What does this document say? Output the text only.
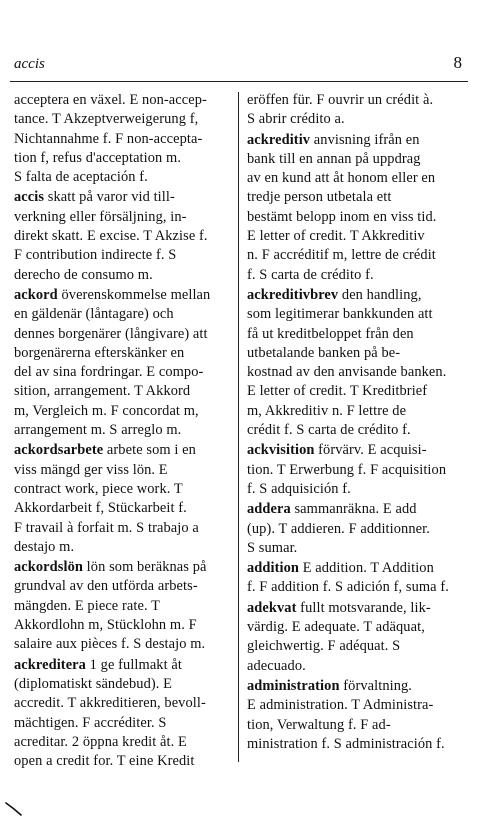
accis	8
acceptera en växel. E non-accep-
tance. T Akzeptverweigerung f,
Nichtannahme f. F non-accepta-
tion f, refus d'acceptation m.
S falta de aceptación f.
accis skatt på varor vid till-
verkning eller försäljning, in-
direkt skatt. E excise. T Akzise f.
F contribution indirecte f. S
derecho de consumo m.
ackord överenskommelse mellan
en gäldenär (låntagare) och
dennes borgenärer (långivare) att
borgenärerna efterskänker en
del av sina fordringar. E compo-
sition, arrangement. T Akkord
m, Vergleich m. F concordat m,
arrangement m. S arreglo m.
ackordsarbete arbete som i en
viss mängd ger viss lön. E
contract work, piece work. T
Akkordarbeit f, Stückarbeit f.
F travail à forfait m. S trabajo a
destajo m.
ackordslön lön som beräknas på
grundval av den utförda arbets-
mängden. E piece rate. T
Akkordlohn m, Stücklohn m. F
salaire aux pièces f. S destajo m.
ackreditera 1 ge fullmakt åt
(diplomatiskt sändebud). E
accredit. T akkreditieren, bevoll-
mächtigen. F accréditer. S
acreditar. 2 öppna kredit åt. E
open a credit for. T eine Kredit
eröffen für. F ouvrir un crédit à.
S abrir crédito a.
ackreditiv anvisning ifrån en
bank till en annan på uppdrag
av en kund att åt honom eller en
tredje person utbetala ett
bestämt belopp inom en viss tid.
E letter of credit. T Akkreditiv
n. F accréditif m, lettre de crédit
f. S carta de crédito f.
ackreditivbrev den handling,
som legitimerar bankkunden att
få ut kreditbeloppet från den
utbetalande banken på be-
kostnad av den anvisande banken.
E letter of credit. T Kreditbrief
m, Akkreditiv n. F lettre de
crédit f. S carta de crédito f.
ackvisition förvärv. E acquisi-
tion. T Erwerbung f. F acquisition
f. S adquisición f.
addera sammanräkna. E add
(up). T addieren. F additionner.
S sumar.
addition E addition. T Addition
f. F addition f. S adición f, suma f.
adekvat fullt motsvarande, lik-
värdig. E adequate. T adäquat,
gleichwertig. F adéquat. S
adecuado.
administration förvaltning.
E administration. T Administra-
tion, Verwaltung f. F ad-
ministration f. S administración f.
